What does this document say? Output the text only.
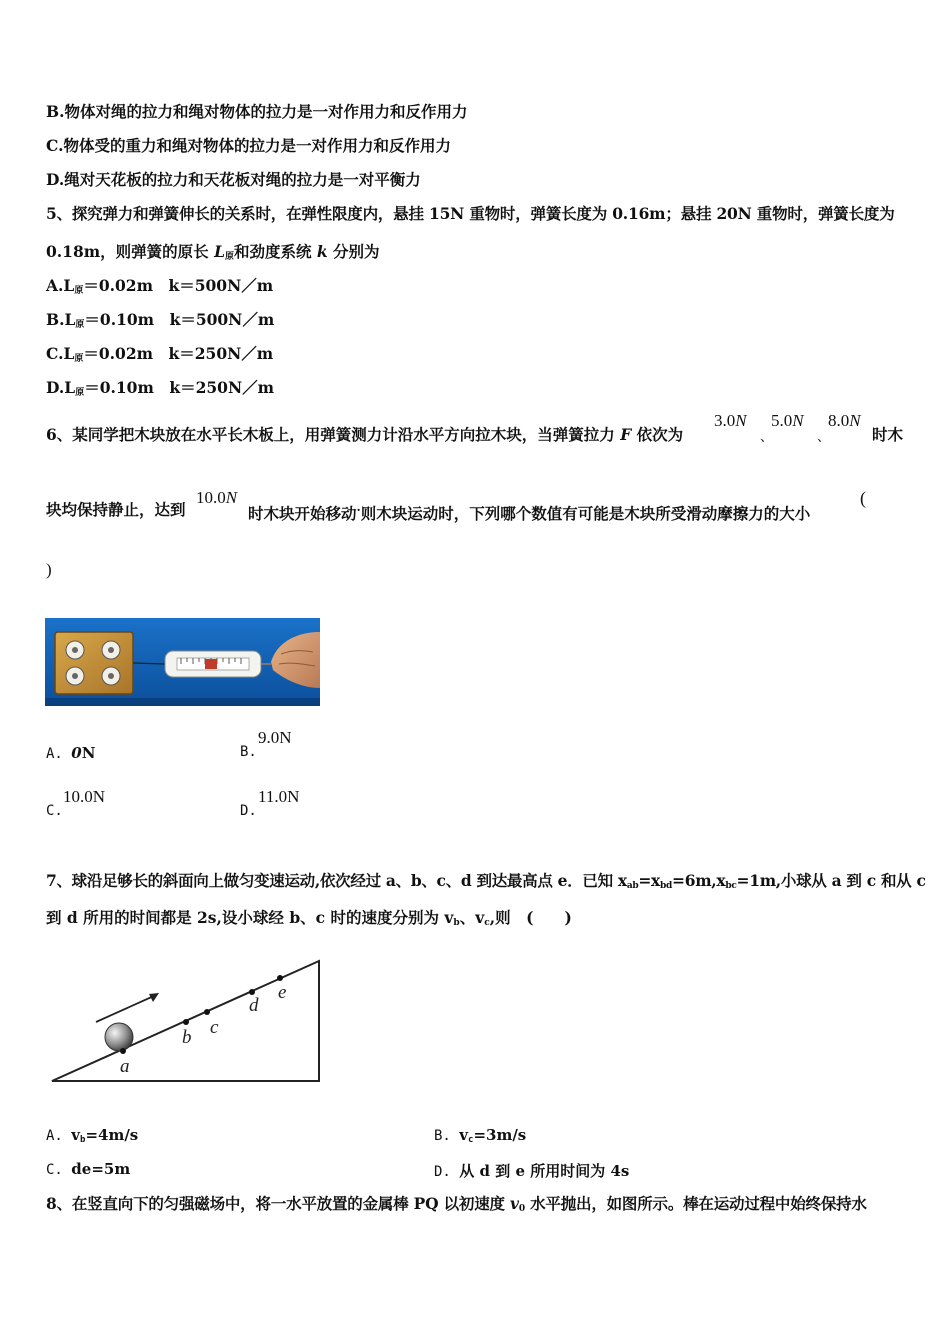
B.物体对绳的拉力和绳对物体的拉力是一对作用力和反作用力
C.物体受的重力和绳对物体的拉力是一对作用力和反作用力
D.绳对天花板的拉力和天花板对绳的拉力是一对平衡力
5、探究弹力和弹簧伸长的关系时，在弹性限度内，悬挂 15N 重物时，弹簧长度为 0.16m；悬挂 20N 重物时，弹簧长度为
0.18m，则弹簧的原长 $L_原$和劲度系统 k 分别为
$A.L_原=0.02m$　k＝500N／m
$B.L_原=0.10m$　k＝500N／m
$C.L_原=0.02m$　k＝250N／m
$D.L_原=0.10m$　k＝250N／m
6、某同学把木块放在水平长木板上，用弹簧测力计沿水平方向拉木块，当弹簧拉力 F 依次为
3.0N
、
5.0N
、
8.0N
时木
块均保持静止，达到
10.0N
时木块开始移动·则木块运动时，下列哪个数值有可能是木块所受滑动摩擦力的大小
(
)
A. 0N	B.
9.0N
C.
10.0N
D.
11.0N
7、球沿足够长的斜面向上做匀变速运动,依次经过 a、b、c、d 到达最高点 e．已知 $x_{ab}=x_{bd}=6m,x_{bc}=1m$,小球从 a 到 c 和从 c
到 d 所用的时间都是 2s,设小球经 b、c 时的速度分别为 $v_b$、$v_c$,则　(　　)
a
b c
d
e
A. $v_b=4m/s$	B. $v_c=3m/s$
C. de=5m	D. 从 d 到 e 所用时间为 4s
8、在竖直向下的匀强磁场中，将一水平放置的金属棒 PQ 以初速度 $v_0$ 水平抛出，如图所示。棒在运动过程中始终保持水
